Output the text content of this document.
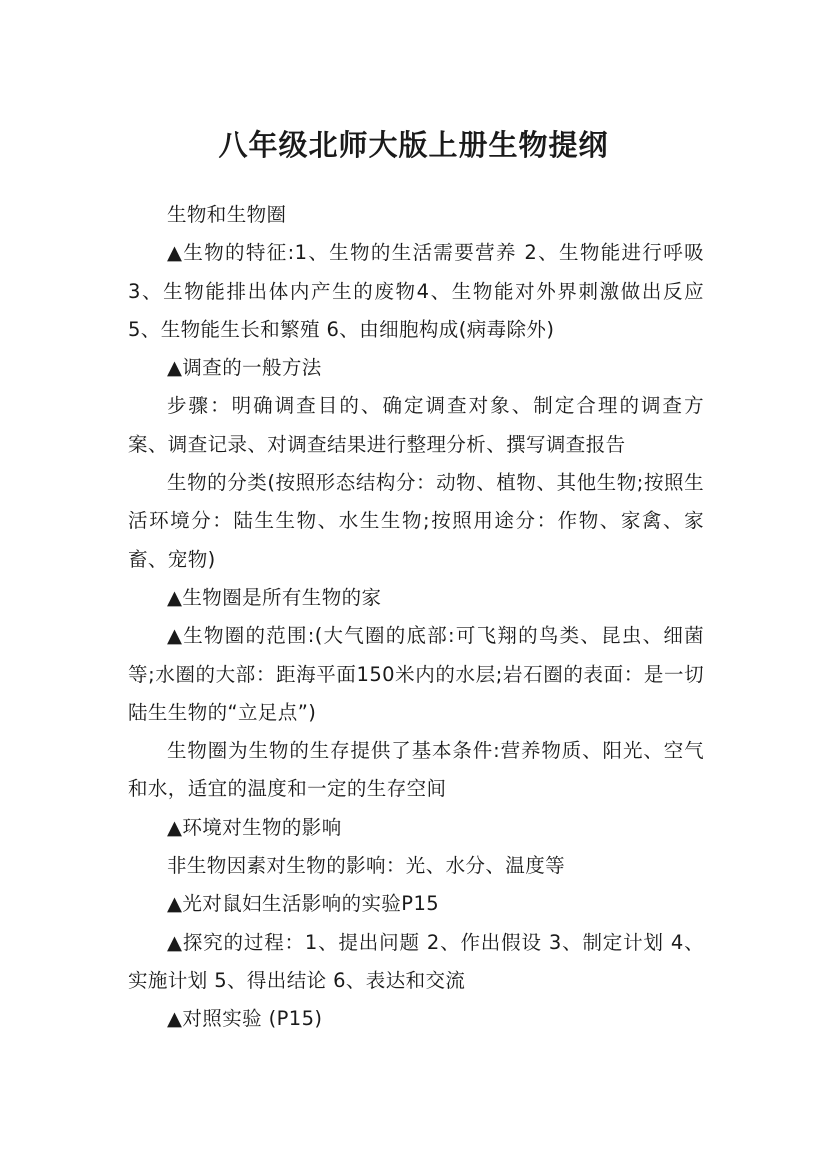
八年级北师大版上册生物提纲

生物和生物圈

▲生物的特征:1、生物的生活需要营养 2、生物能进行呼吸 3、生物能排出体内产生的废物4、生物能对外界刺激做出反应 5、生物能生长和繁殖 6、由细胞构成(病毒除外)

▲调查的一般方法

步骤：明确调查目的、确定调查对象、制定合理的调查方案、调查记录、对调查结果进行整理分析、撰写调查报告

生物的分类(按照形态结构分：动物、植物、其他生物;按照生活环境分：陆生生物、水生生物;按照用途分：作物、家禽、家畜、宠物)

▲生物圈是所有生物的家

▲生物圈的范围:(大气圈的底部:可飞翔的鸟类、昆虫、细菌等;水圈的大部：距海平面150米内的水层;岩石圈的表面：是一切陆生生物的“立足点”)

生物圈为生物的生存提供了基本条件:营养物质、阳光、空气和水，适宜的温度和一定的生存空间

▲环境对生物的影响

非生物因素对生物的影响：光、水分、温度等

▲光对鼠妇生活影响的实验P15

▲探究的过程：1、提出问题 2、作出假设 3、制定计划 4、实施计划 5、得出结论 6、表达和交流

▲对照实验 (P15)
